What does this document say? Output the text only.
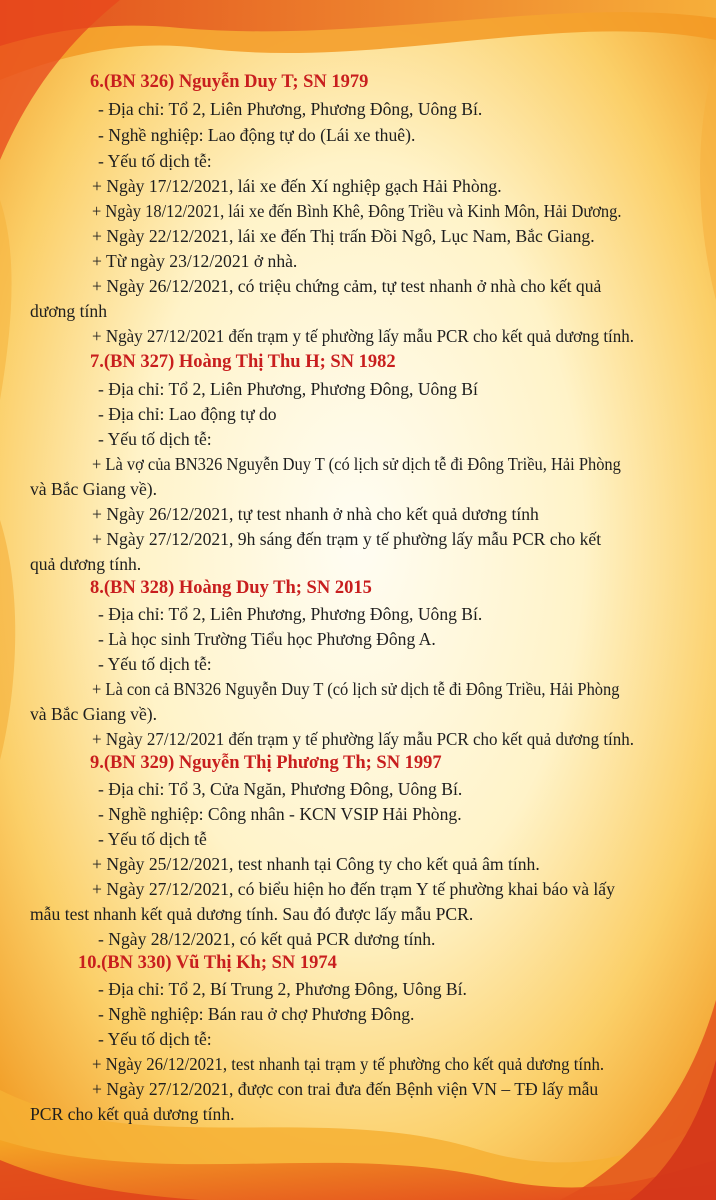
6.(BN 326) Nguyễn Duy T; SN 1979
- Địa chỉ: Tổ 2, Liên Phương, Phương Đông, Uông Bí.
- Nghề nghiệp: Lao động tự do (Lái xe thuê).
- Yếu tố dịch tễ:
+ Ngày 17/12/2021, lái xe đến Xí nghiệp gạch Hải Phòng.
+ Ngày 18/12/2021, lái xe đến Bình Khê, Đông Triều và Kinh Môn, Hải Dương.
+ Ngày 22/12/2021, lái xe đến Thị trấn Đồi Ngô, Lục Nam, Bắc Giang.
+ Từ ngày 23/12/2021 ở nhà.
+ Ngày 26/12/2021, có triệu chứng cảm, tự test nhanh ở nhà cho kết quả
dương tính
+ Ngày 27/12/2021 đến trạm y tế phường lấy mẫu PCR cho kết quả dương tính.
7.(BN 327) Hoàng Thị Thu H; SN 1982
- Địa chỉ: Tổ 2, Liên Phương, Phương Đông, Uông Bí
- Địa chỉ: Lao động tự do
- Yếu tố dịch tễ:
+ Là vợ của BN326 Nguyễn Duy T (có lịch sử dịch tễ đi Đông Triều, Hải Phòng
và Bắc Giang về).
+ Ngày 26/12/2021, tự test nhanh ở nhà cho kết quả dương tính
+ Ngày 27/12/2021, 9h sáng đến trạm y tế phường lấy mẫu PCR cho kết
quả dương tính.
8.(BN 328) Hoàng Duy Th; SN 2015
- Địa chỉ: Tổ 2, Liên Phương, Phương Đông, Uông Bí.
- Là học sinh Trường Tiểu học Phương Đông A.
- Yếu tố dịch tễ:
+ Là con cả BN326 Nguyễn Duy T (có lịch sử dịch tễ đi Đông Triều, Hải Phòng
và Bắc Giang về).
+ Ngày 27/12/2021 đến trạm y tế phường lấy mẫu PCR cho kết quả dương tính.
9.(BN 329) Nguyễn Thị Phương Th; SN 1997
- Địa chỉ: Tổ 3, Cửa Ngăn, Phương Đông, Uông Bí.
- Nghề nghiệp: Công nhân - KCN VSIP Hải Phòng.
- Yếu tố dịch tễ
+ Ngày 25/12/2021, test nhanh tại Công ty cho kết quả âm tính.
+ Ngày 27/12/2021, có biểu hiện ho đến trạm Y tế phường khai báo và lấy
mẫu test nhanh kết quả dương tính. Sau đó được lấy mẫu PCR.
- Ngày 28/12/2021, có kết quả PCR dương tính.
10.(BN 330) Vũ Thị Kh; SN 1974
- Địa chỉ: Tổ 2, Bí Trung 2, Phương Đông, Uông Bí.
- Nghề nghiệp: Bán rau ở chợ Phương Đông.
- Yếu tố dịch tễ:
+ Ngày 26/12/2021, test nhanh tại trạm y tế phường cho kết quả dương tính.
+ Ngày 27/12/2021, được con trai đưa đến Bệnh viện VN – TĐ lấy mẫu
PCR cho kết quả dương tính.
